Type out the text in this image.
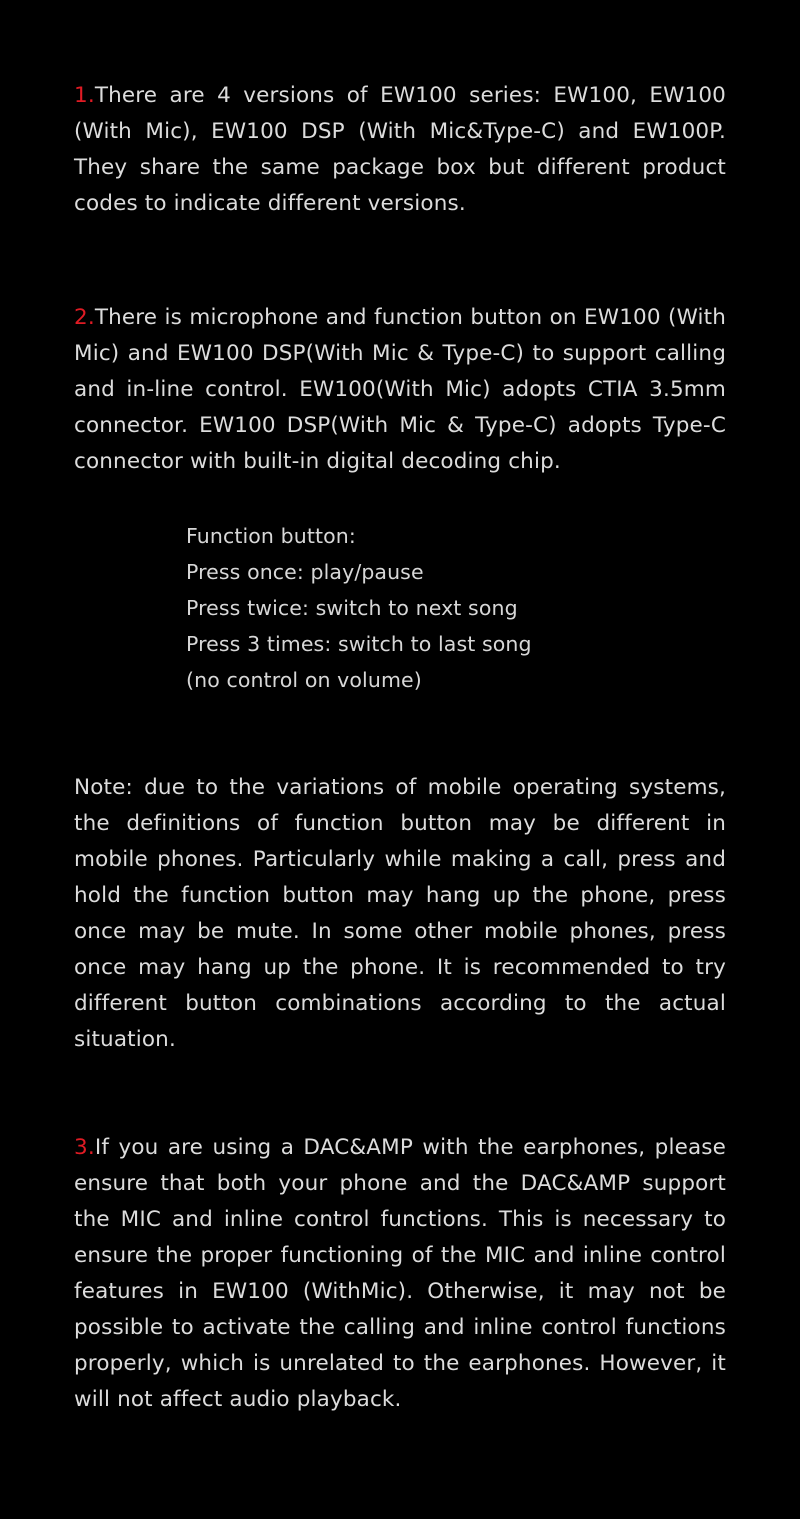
1.There are 4 versions of EW100 series: EW100, EW100 (With Mic), EW100 DSP (With Mic&Type-C) and EW100P. They share the same package box but different product codes to indicate different versions.

2.There is microphone and function button on EW100 (With Mic) and EW100 DSP(With Mic & Type-C) to support calling and in-line control. EW100(With Mic) adopts CTIA 3.5mm connector. EW100 DSP(With Mic & Type-C) adopts Type-C connector with built-in digital decoding chip.

Function button:
Press once: play/pause
Press twice: switch to next song
Press 3 times: switch to last song
(no control on volume)

Note: due to the variations of mobile operating systems, the definitions of function button may be different in mobile phones. Particularly while making a call, press and hold the function button may hang up the phone, press once may be mute. In some other mobile phones, press once may hang up the phone. It is recommended to try different button combinations according to the actual situation.

3.If you are using a DAC&AMP with the earphones, please ensure that both your phone and the DAC&AMP support the MIC and inline control functions. This is necessary to ensure the proper functioning of the MIC and inline control features in EW100 (WithMic). Otherwise, it may not be possible to activate the calling and inline control functions properly, which is unrelated to the earphones. However, it will not affect audio playback.
